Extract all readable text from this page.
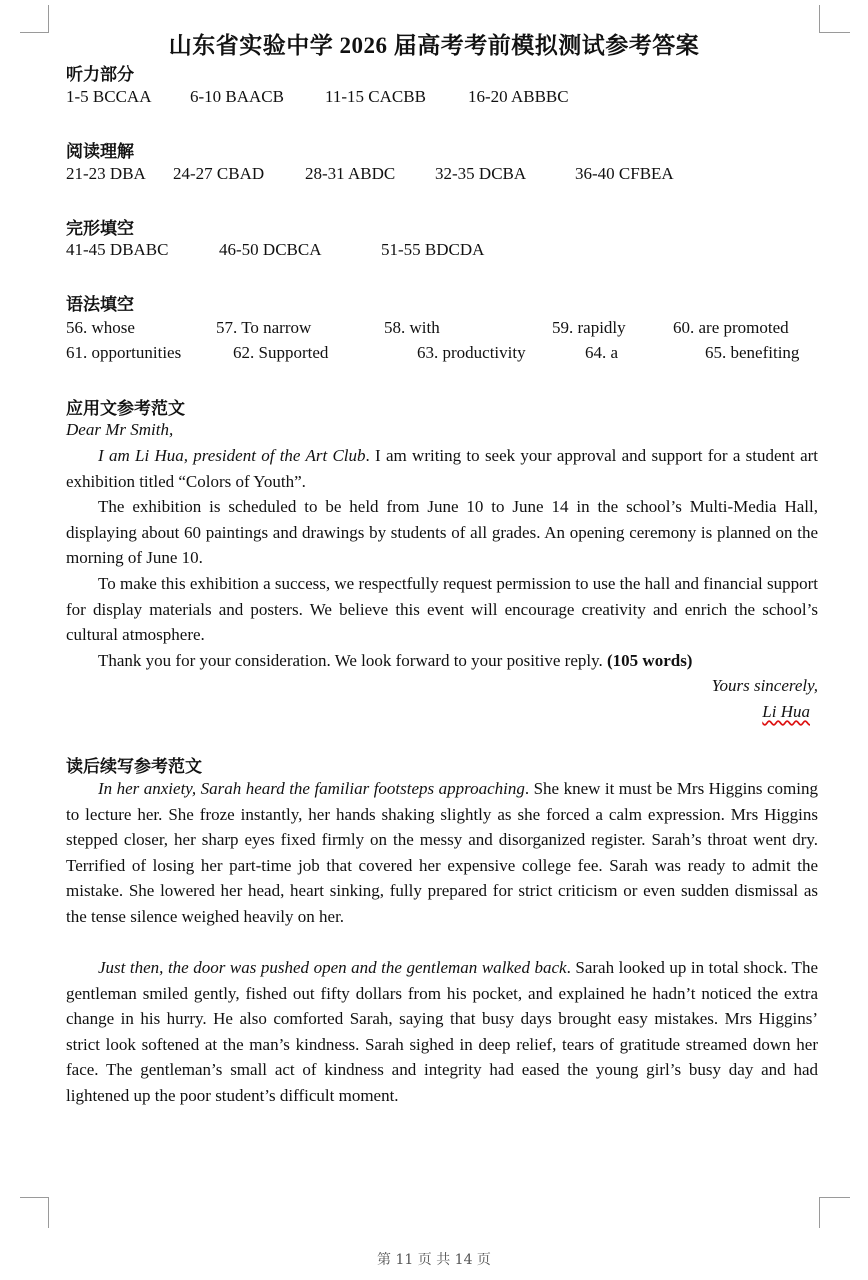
山东省实验中学 2026 届高考考前模拟测试参考答案
听力部分
1-5 BCCAA 6-10 BAACB 11-15 CACBB 16-20 ABBBC
阅读理解
21-23 DBA 24-27 CBAD 28-31 ABDC 32-35 DCBA	36-40 CFBEA
完形填空
41-45 DBABC	46-50 DCBCA	51-55 BDCDA
语法填空
56. whose	57. To narrow	58. with	59. rapidly	60. are promoted
61. opportunities	62. Supported	63. productivity	64. a	65. benefiting
应用文参考范文
Dear Mr Smith,

I am Li Hua, president of the Art Club. I am writing to seek your approval and support for a student art exhibition titled “Colors of Youth”.

The exhibition is scheduled to be held from June 10 to June 14 in the school’s Multi-Media Hall, displaying about 60 paintings and drawings by students of all grades. An opening ceremony is planned on the morning of June 10.

To make this exhibition a success, we respectfully request permission to use the hall and financial support for display materials and posters. We believe this event will encourage creativity and enrich the school’s cultural atmosphere.

Thank you for your consideration. We look forward to your positive reply. (105 words)

Yours sincerely,
Li Hua
读后续写参考范文

In her anxiety, Sarah heard the familiar footsteps approaching. She knew it must be Mrs Higgins coming to lecture her. She froze instantly, her hands shaking slightly as she forced a calm expression. Mrs Higgins stepped closer, her sharp eyes fixed firmly on the messy and disorganized register. Sarah’s throat went dry. Terrified of losing her part-time job that covered her expensive college fee. Sarah was ready to admit the mistake. She lowered her head, heart sinking, fully prepared for strict criticism or even sudden dismissal as the tense silence weighed heavily on her.

Just then, the door was pushed open and the gentleman walked back. Sarah looked up in total shock. The gentleman smiled gently, fished out fifty dollars from his pocket, and explained he hadn’t noticed the extra change in his hurry. He also comforted Sarah, saying that busy days brought easy mistakes. Mrs Higgins’ strict look softened at the man’s kindness. Sarah sighed in deep relief, tears of gratitude streamed down her face. The gentleman’s small act of kindness and integrity had eased the young girl’s busy day and had lightened up the poor student’s difficult moment.

第 11 页 共 14 页
